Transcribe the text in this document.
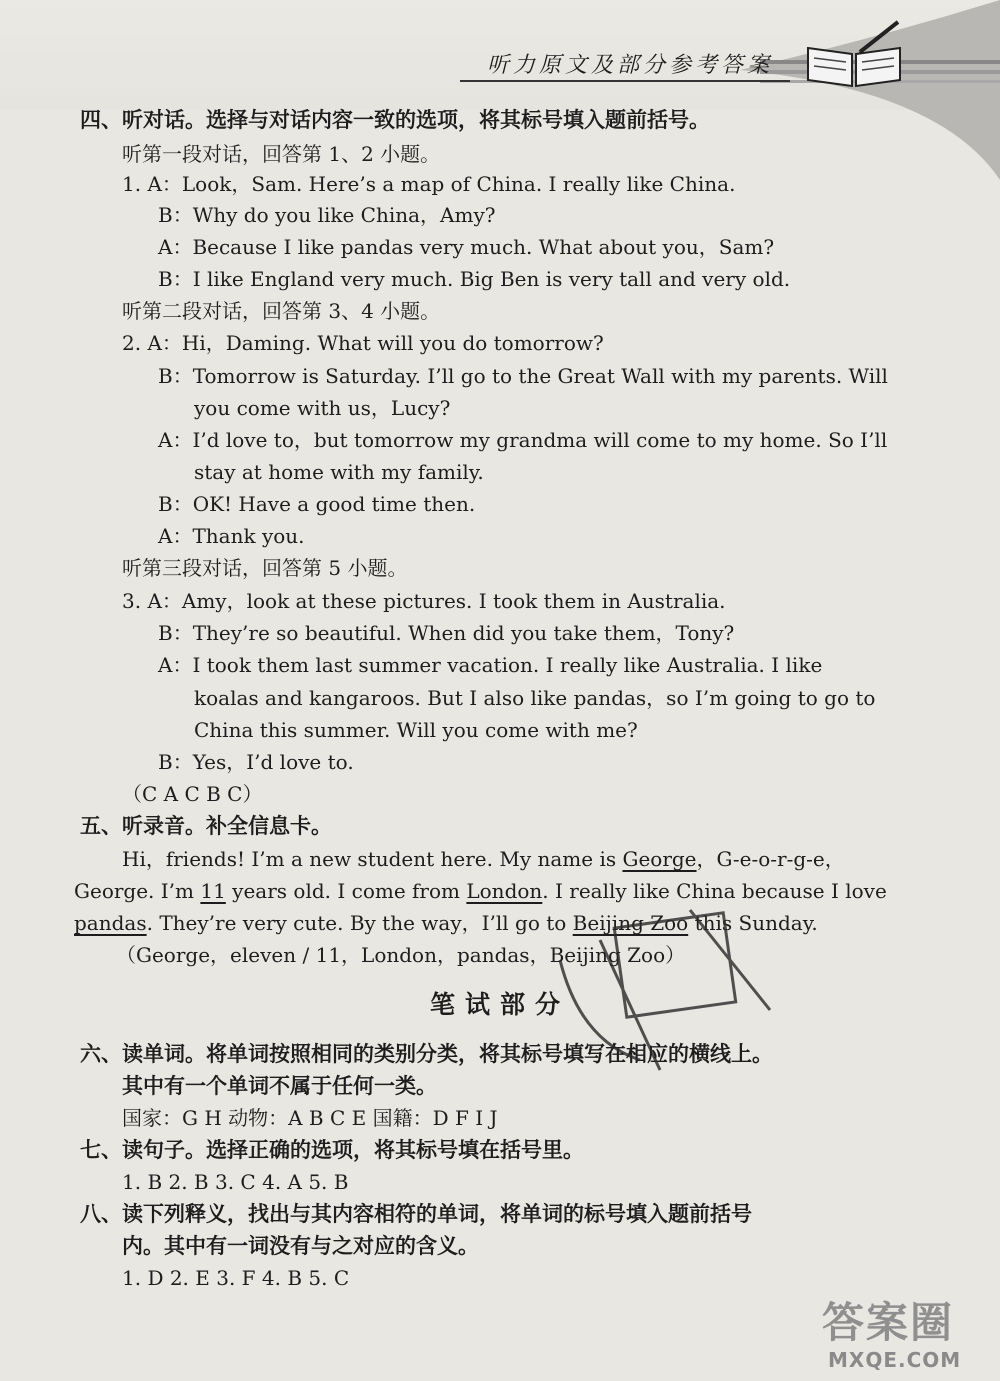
听力原文及部分参考答案
四、听对话。选择与对话内容一致的选项，将其标号填入题前括号。
听第一段对话，回答第 1、2 小题。
1. A：Look，Sam. Here’s a map of China. I really like China.
B：Why do you like China，Amy?
A：Because I like pandas very much. What about you，Sam?
B：I like England very much. Big Ben is very tall and very old.
听第二段对话，回答第 3、4 小题。
2. A：Hi，Daming. What will you do tomorrow?
B：Tomorrow is Saturday. I’ll go to the Great Wall with my parents. Will
you come with us，Lucy?
A：I’d love to，but tomorrow my grandma will come to my home. So I’ll
stay at home with my family.
B：OK! Have a good time then.
A：Thank you.
听第三段对话，回答第 5 小题。
3. A：Amy，look at these pictures. I took them in Australia.
B：They’re so beautiful. When did you take them，Tony?
A：I took them last summer vacation. I really like Australia. I like
koalas and kangaroos. But I also like pandas，so I’m going to go to
China this summer. Will you come with me?
B：Yes，I’d love to.
（C A C B C）
五、听录音。补全信息卡。
Hi，friends! I’m a new student here. My name is George，G-e-o-r-g-e，
George. I’m 11 years old. I come from London. I really like China because I love
pandas. They’re very cute. By the way，I’ll go to Beijing Zoo this Sunday.
（George，eleven / 11，London，pandas，Beijing Zoo）
笔试部分
六、读单词。将单词按照相同的类别分类，将其标号填写在相应的横线上。
其中有一个单词不属于任何一类。
国家：G H 动物：A B C E 国籍：D F I J
七、读句子。选择正确的选项，将其标号填在括号里。
1. B 2. B 3. C 4. A 5. B
八、读下列释义，找出与其内容相符的单词，将单词的标号填入题前括号
内。其中有一词没有与之对应的含义。
1. D 2. E 3. F 4. B 5. C
答案圈
MXQE.COM
